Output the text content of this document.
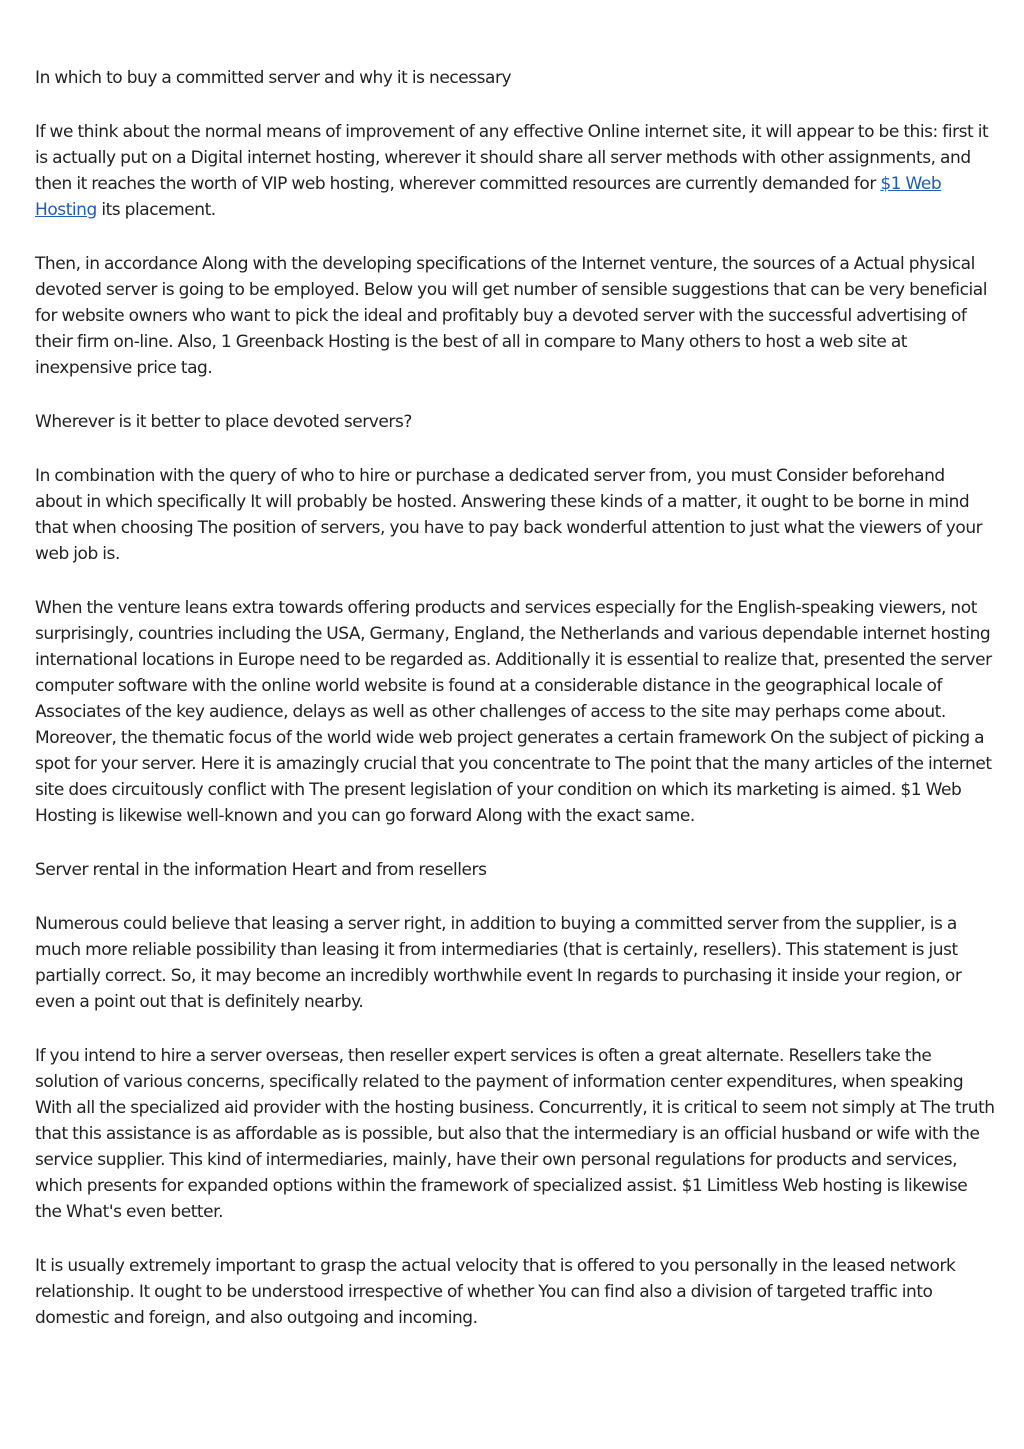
In which to buy a committed server and why it is necessary

If we think about the normal means of improvement of any effective Online internet site, it will appear to be this: first it is actually put on a Digital internet hosting, wherever it should share all server methods with other assignments, and then it reaches the worth of VIP web hosting, wherever committed resources are currently demanded for $1 Web Hosting its placement.

Then, in accordance Along with the developing specifications of the Internet venture, the sources of a Actual physical devoted server is going to be employed. Below you will get number of sensible suggestions that can be very beneficial for website owners who want to pick the ideal and profitably buy a devoted server with the successful advertising of their firm on-line. Also, 1 Greenback Hosting is the best of all in compare to Many others to host a web site at inexpensive price tag.

Wherever is it better to place devoted servers?

In combination with the query of who to hire or purchase a dedicated server from, you must Consider beforehand about in which specifically It will probably be hosted. Answering these kinds of a matter, it ought to be borne in mind that when choosing The position of servers, you have to pay back wonderful attention to just what the viewers of your web job is.

When the venture leans extra towards offering products and services especially for the English-speaking viewers, not surprisingly, countries including the USA, Germany, England, the Netherlands and various dependable internet hosting international locations in Europe need to be regarded as. Additionally it is essential to realize that, presented the server computer software with the online world website is found at a considerable distance in the geographical locale of Associates of the key audience, delays as well as other challenges of access to the site may perhaps come about. Moreover, the thematic focus of the world wide web project generates a certain framework On the subject of picking a spot for your server. Here it is amazingly crucial that you concentrate to The point that the many articles of the internet site does circuitously conflict with The present legislation of your condition on which its marketing is aimed. $1 Web Hosting is likewise well-known and you can go forward Along with the exact same.

Server rental in the information Heart and from resellers

Numerous could believe that leasing a server right, in addition to buying a committed server from the supplier, is a much more reliable possibility than leasing it from intermediaries (that is certainly, resellers). This statement is just partially correct. So, it may become an incredibly worthwhile event In regards to purchasing it inside your region, or even a point out that is definitely nearby.

If you intend to hire a server overseas, then reseller expert services is often a great alternate. Resellers take the solution of various concerns, specifically related to the payment of information center expenditures, when speaking With all the specialized aid provider with the hosting business. Concurrently, it is critical to seem not simply at The truth that this assistance is as affordable as is possible, but also that the intermediary is an official husband or wife with the service supplier. This kind of intermediaries, mainly, have their own personal regulations for products and services, which presents for expanded options within the framework of specialized assist. $1 Limitless Web hosting is likewise the What's even better.

It is usually extremely important to grasp the actual velocity that is offered to you personally in the leased network relationship. It ought to be understood irrespective of whether You can find also a division of targeted traffic into domestic and foreign, and also outgoing and incoming.
